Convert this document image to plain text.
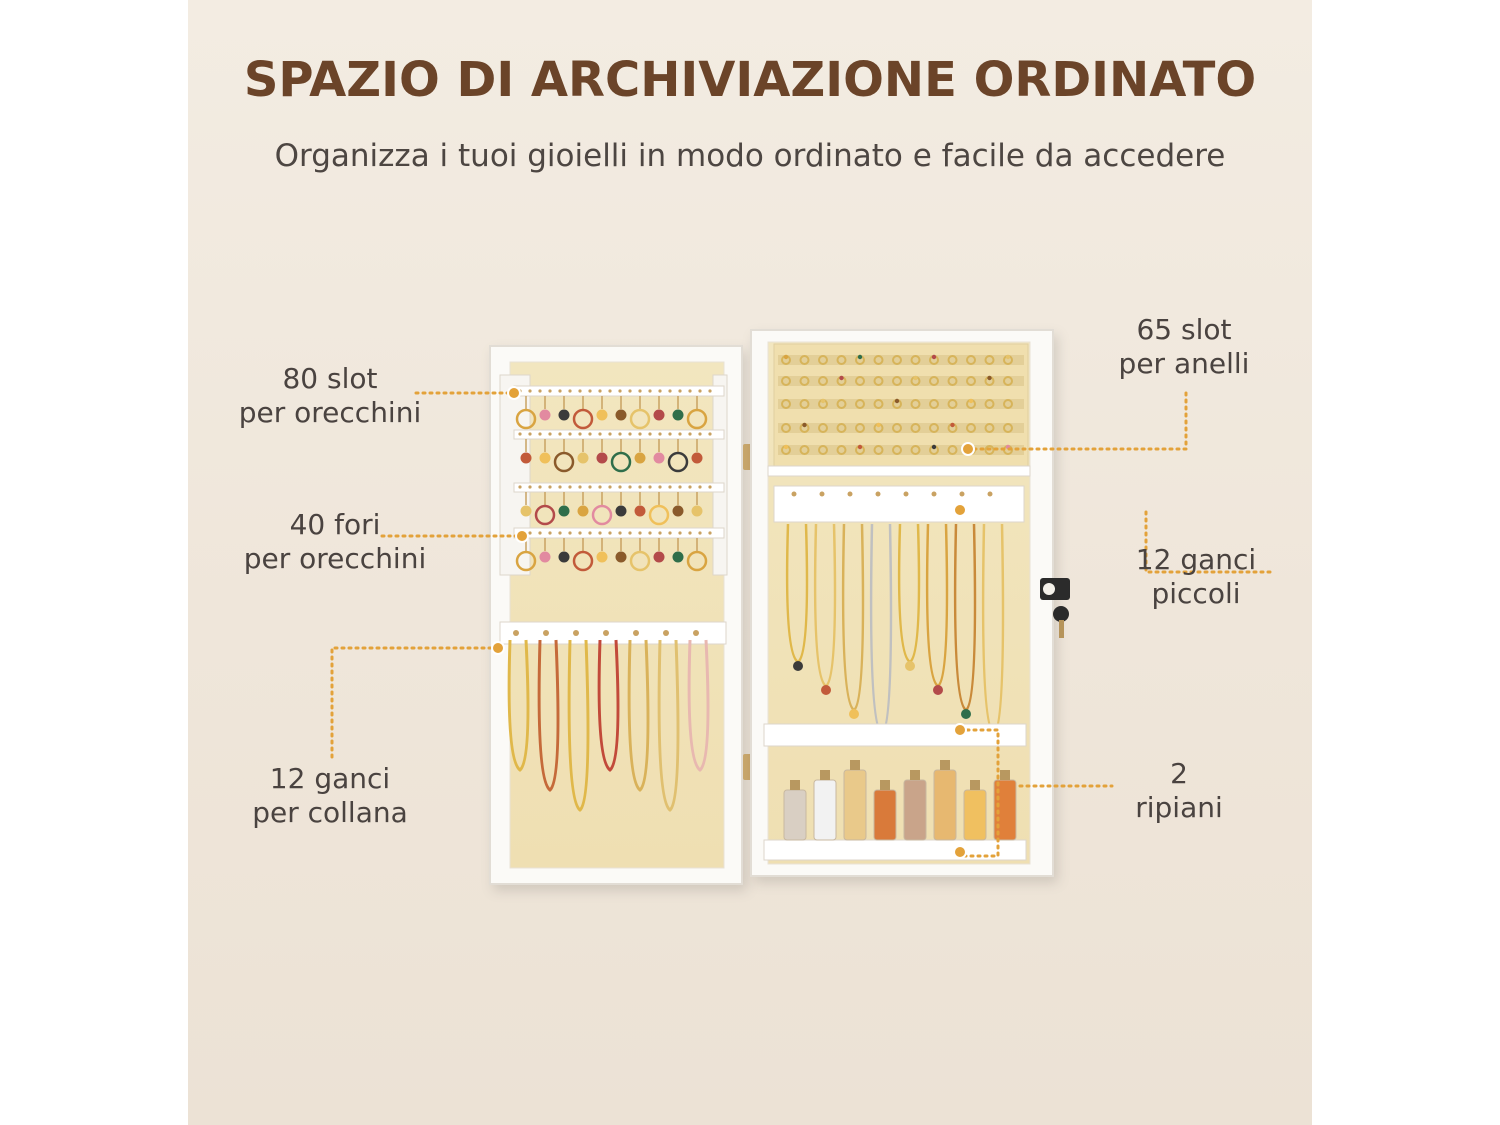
SPAZIO DI ARCHIVIAZIONE ORDINATO
Organizza i tuoi gioielli in modo ordinato e facile da accedere
80 slot
per orecchini
40 fori
per orecchini
12 ganci
per collana
65 slot
per anelli
12 ganci
piccoli
2
ripiani
